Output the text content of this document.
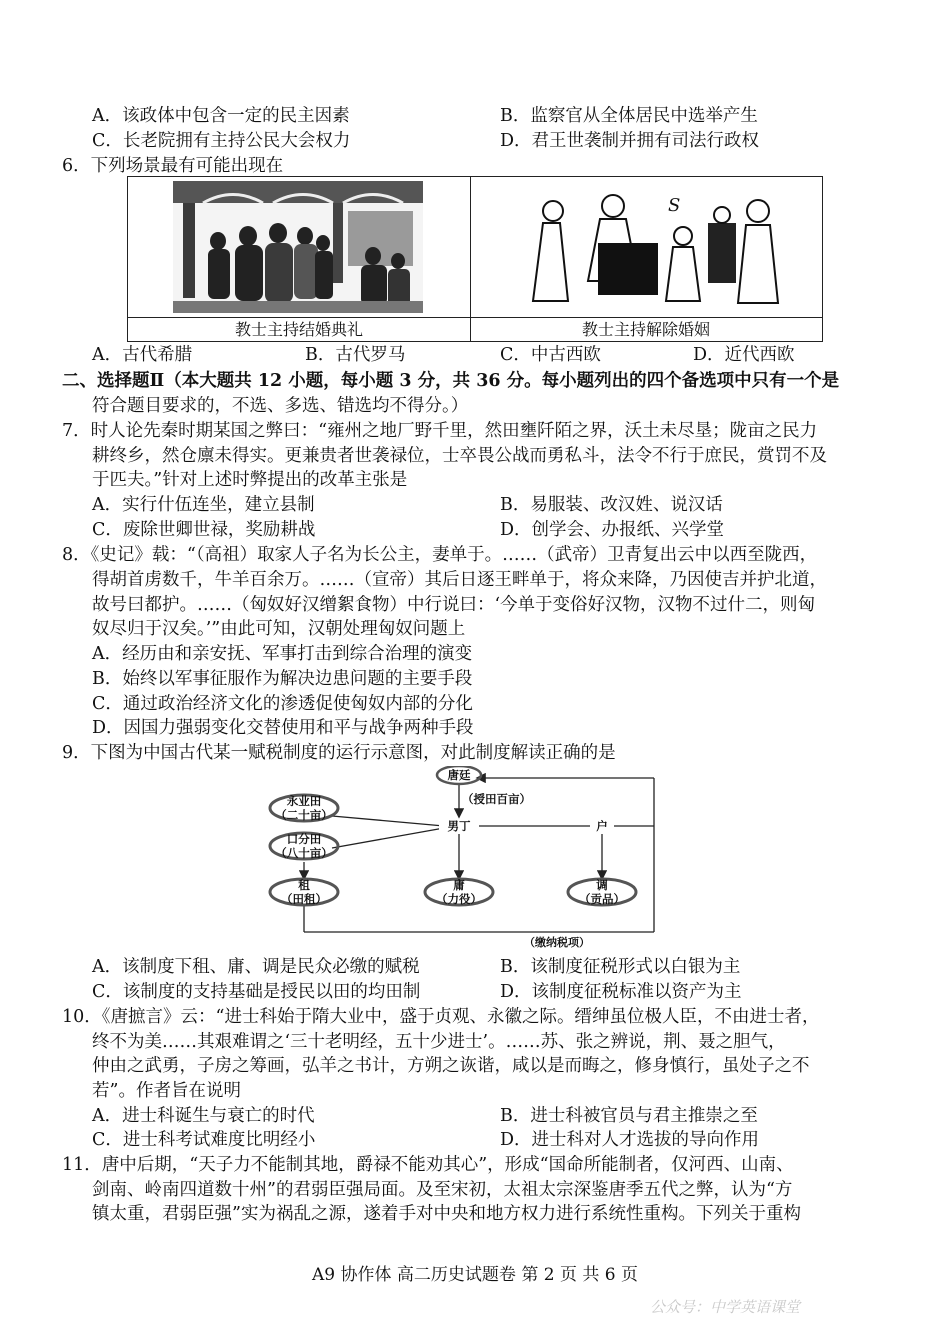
A．该政体中包含一定的民主因素	B．监察官从全体居民中选举产生
C．长老院拥有主持公民大会权力	D．君王世袭制并拥有司法行政权
6．下列场景最有可能出现在
S
教士主持结婚典礼	教士主持解除婚姻
A．古代希腊	B．古代罗马	C．中古西欧	D．近代西欧
二、选择题Ⅱ（本大题共 12 小题，每小题 3 分，共 36 分。每小题列出的四个备选项中只有一个是
符合题目要求的，不选、多选、错选均不得分。）
7．时人论先秦时期某国之弊曰：“雍州之地厂野千里，然田壅阡陌之界，沃土未尽垦；陇亩之民力
耕终乡，然仓廪未得实。更兼贵者世袭禄位，士卒畏公战而勇私斗，法令不行于庶民，赏罚不及
于匹夫。”针对上述时弊提出的改革主张是
A．实行什伍连坐，建立县制	B．易服装、改汉姓、说汉话
C．废除世卿世禄，奖励耕战	D．创学会、办报纸、兴学堂
8．《史记》载：“（高祖）取家人子名为长公主，妻单于。……（武帝）卫青复出云中以西至陇西，
得胡首虏数千，牛羊百余万。……（宣帝）其后日逐王畔单于，将众来降，乃因使吉并护北道，
故号曰都护。……（匈奴好汉缯絮食物）中行说曰：‘今单于变俗好汉物，汉物不过什二，则匈
奴尽归于汉矣。’”由此可知，汉朝处理匈奴问题上
A．经历由和亲安抚、军事打击到综合治理的演变
B．始终以军事征服作为解决边患问题的主要手段
C．通过政治经济文化的渗透促使匈奴内部的分化
D．因国力强弱变化交替使用和平与战争两种手段
9．下图为中国古代某一赋税制度的运行示意图，对此制度解读正确的是
唐廷
（授田百亩）
永业田
（二十亩）
口分田
（八十亩）
男丁	户
租
（田租）
庸
（力役）
调
（贡品）
（缴纳税项）
A．该制度下租、庸、调是民众必缴的赋税	B．该制度征税形式以白银为主
C．该制度的支持基础是授民以田的均田制	D．该制度征税标准以资产为主
10．《唐摭言》云：“进士科始于隋大业中，盛于贞观、永徽之际。缙绅虽位极人臣，不由进士者，
终不为美……其艰难谓之‘三十老明经，五十少进士’。……苏、张之辨说，荆、聂之胆气，
仲由之武勇，子房之筹画，弘羊之书计，方朔之诙谐，咸以是而晦之，修身慎行，虽处子之不
若”。作者旨在说明
A．进士科诞生与衰亡的时代	B．进士科被官员与君主推崇之至
C．进士科考试难度比明经小	D．进士科对人才选拔的导向作用
11．唐中后期，“天子力不能制其地，爵禄不能劝其心”，形成“国命所能制者，仅河西、山南、
剑南、岭南四道数十州”的君弱臣强局面。及至宋初，太祖太宗深鉴唐季五代之弊，认为“方
镇太重，君弱臣强”实为祸乱之源，遂着手对中央和地方权力进行系统性重构。下列关于重构
A9 协作体 高二历史试题卷 第 2 页 共 6 页
公众号：中学英语课堂
